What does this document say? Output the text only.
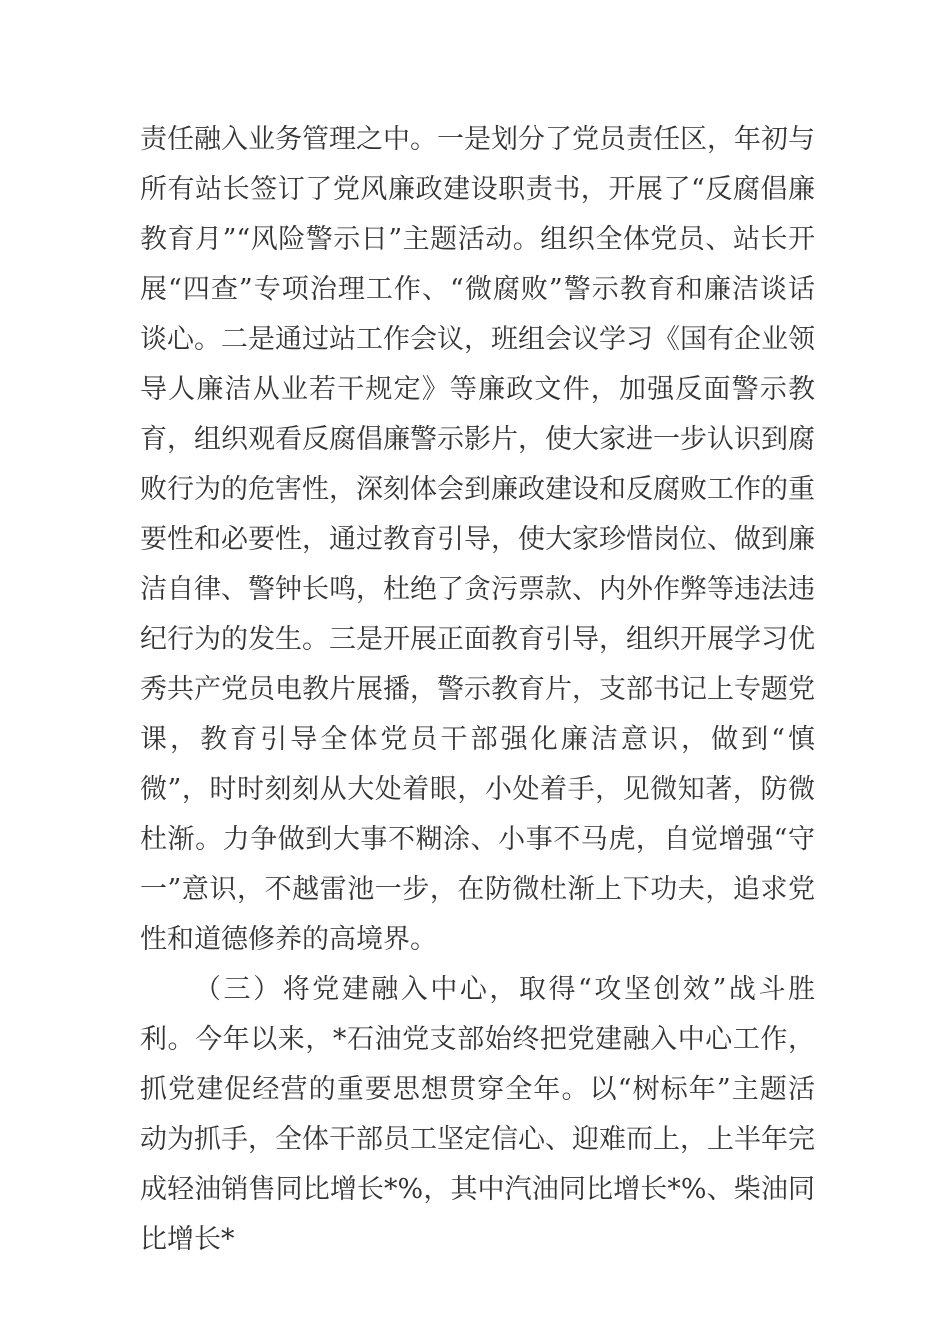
责任融入业务管理之中。一是划分了党员责任区，年初与所有站长签订了党风廉政建设职责书，开展了“反腐倡廉教育月”“风险警示日”主题活动。组织全体党员、站长开展“四查”专项治理工作、“微腐败”警示教育和廉洁谈话谈心。二是通过站工作会议，班组会议学习《国有企业领导人廉洁从业若干规定》等廉政文件，加强反面警示教育，组织观看反腐倡廉警示影片，使大家进一步认识到腐败行为的危害性，深刻体会到廉政建设和反腐败工作的重要性和必要性，通过教育引导，使大家珍惜岗位、做到廉洁自律、警钟长鸣，杜绝了贪污票款、内外作弊等违法违纪行为的发生。三是开展正面教育引导，组织开展学习优秀共产党员电教片展播，警示教育片，支部书记上专题党课，教育引导全体党员干部强化廉洁意识，做到“慎微”，时时刻刻从大处着眼，小处着手，见微知著，防微杜渐。力争做到大事不糊涂、小事不马虎，自觉增强“守一”意识，不越雷池一步，在防微杜渐上下功夫，追求党性和道德修养的高境界。

（三）将党建融入中心，取得“攻坚创效”战斗胜利。今年以来，*石油党支部始终把党建融入中心工作，抓党建促经营的重要思想贯穿全年。以“树标年”主题活动为抓手，全体干部员工坚定信心、迎难而上，上半年完成轻油销售同比增长*%，其中汽油同比增长*%、柴油同比增长*
